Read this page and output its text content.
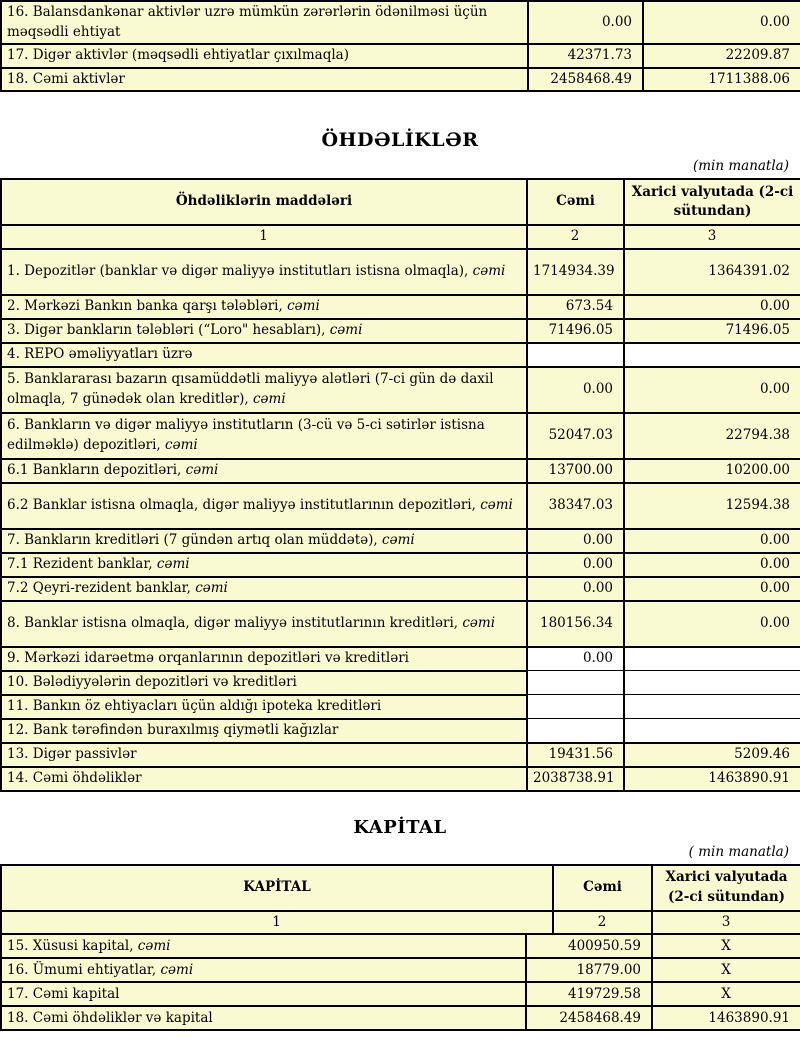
16. Balansdankənar aktivlər uzrə mümkün zərərlərin ödənilməsi üçün məqsədli ehtiyat	0.00	0.00
17. Digər aktivlər (məqsədli ehtiyatlar çıxılmaqla)	42371.73	22209.87
18. Cəmi aktivlər	2458468.49	1711388.06
ÖHDƏLİKLƏR
(min manatla)
Öhdəliklərin maddələri	Cəmi	Xarici valyutada (2-ci sütundan)
1	2	3
1. Depozitlər (banklar və digər maliyyə institutları istisna olmaqla), cəmi	1714934.39	1364391.02
2. Mərkəzi Bankın banka qarşı tələbləri, cəmi	673.54	0.00
3. Digər bankların tələbləri (“Loro" hesabları), cəmi	71496.05	71496.05
4. REPO əməliyyatları üzrə		
5. Banklararası bazarın qısamüddətli maliyyə alətləri (7-ci gün də daxil olmaqla, 7 günədək olan kreditlər), cəmi	0.00	0.00
6. Bankların və digər maliyyə institutların (3-cü və 5-ci sətirlər istisna edilməklə) depozitləri, cəmi	52047.03	22794.38
6.1 Bankların depozitləri, cəmi	13700.00	10200.00
6.2 Banklar istisna olmaqla, digər maliyyə institutlarının depozitləri, cəmi	38347.03	12594.38
7. Bankların kreditləri (7 gündən artıq olan müddətə), cəmi	0.00	0.00
7.1 Rezident banklar, cəmi	0.00	0.00
7.2 Qeyri-rezident banklar, cəmi	0.00	0.00
8. Banklar istisna olmaqla, digər maliyyə institutlarının kreditləri, cəmi	180156.34	0.00
9. Mərkəzi idarəetmə orqanlarının depozitləri və kreditləri	0.00	
10. Bələdiyyələrin depozitləri və kreditləri		
11. Bankın öz ehtiyacları üçün aldığı ipoteka kreditləri		
12. Bank tərəfindən buraxılmış qiymətli kağızlar		
13. Digər passivlər	19431.56	5209.46
14. Cəmi öhdəliklər	2038738.91	1463890.91
KAPİTAL
( min manatla)
KAPİTAL		Cəmi	Xarici valyutada (2-ci sütundan)
1		2	3
15. Xüsusi kapital, cəmi	400950.59		X
16. Ümumi ehtiyatlar, cəmi	18779.00		X
17. Cəmi kapital	419729.58		X
18. Cəmi öhdəliklər və kapital	2458468.49		1463890.91
